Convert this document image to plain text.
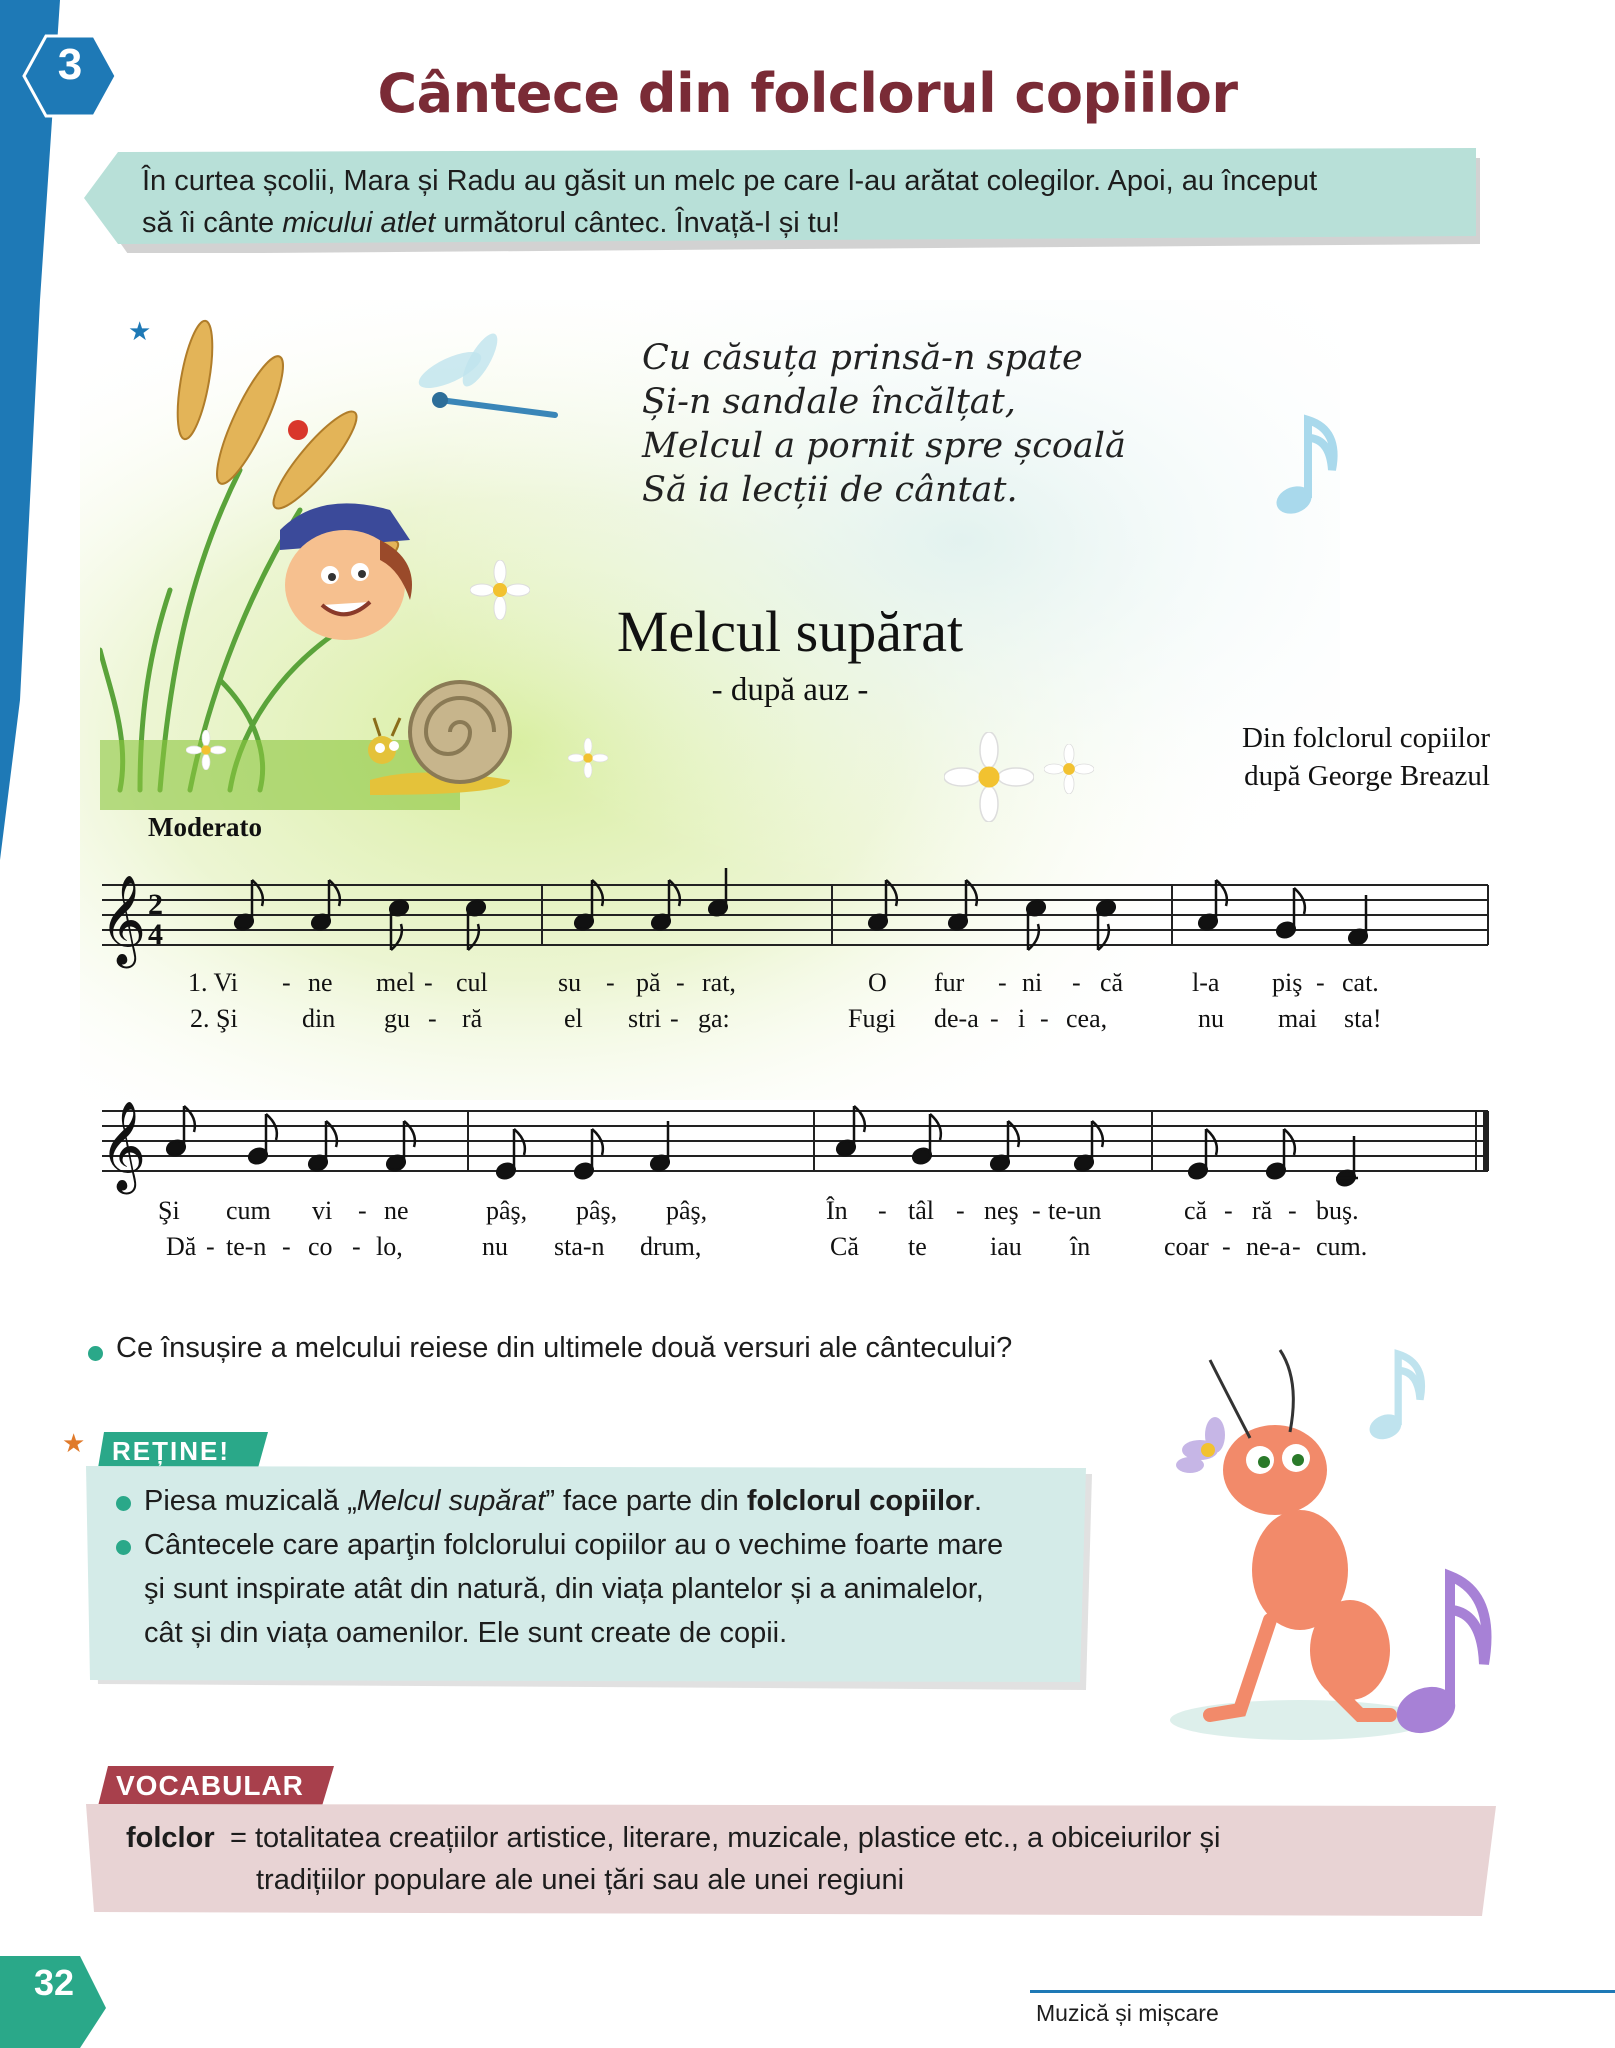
3	Cântece din folclorul copiilor
În curtea școlii, Mara și Radu au găsit un melc pe care l-au arătat colegilor. Apoi, au început
să îi cânte micului atlet următorul cântec. Învață-l și tu!
★
Cu căsuța prinsă-n spate
Și-n sandale încălțat,
Melcul a pornit spre școală
Să ia lecții de cântat.
Melcul supărat
- după auz -
Din folclorul copiilor
după George Breazul
Moderato
𝄞 2
4
1. Vi - ne mel - cul	su - pă - rat,	O fur - ni - că	l-a piş - cat.
2. Şi din gu - ră	el stri - ga:	Fugi de-a - i - cea,	nu mai sta!
𝄞
Şi cum vi - ne	pâş, pâş, pâş,	În - tâl - neş - te-un	că - ră - buş.
Dă - te-n - co - lo,	nu sta-n drum,	Că te iau în	coar - ne-a - cum.
Ce însușire a melcului reiese din ultimele două versuri ale cântecului?
★ REȚINE!
Piesa muzicală „Melcul supărat” face parte din folclorul copiilor.
Cântecele care aparţin folclorului copiilor au o vechime foarte mare
şi sunt inspirate atât din natură, din viața plantelor și a animalelor,
cât și din viața oamenilor. Ele sunt create de copii.
VOCABULAR
folclor = totalitatea creațiilor artistice, literare, muzicale, plastice etc., a obiceiurilor și
tradițiilor populare ale unei țări sau ale unei regiuni
32
Muzică și mișcare
